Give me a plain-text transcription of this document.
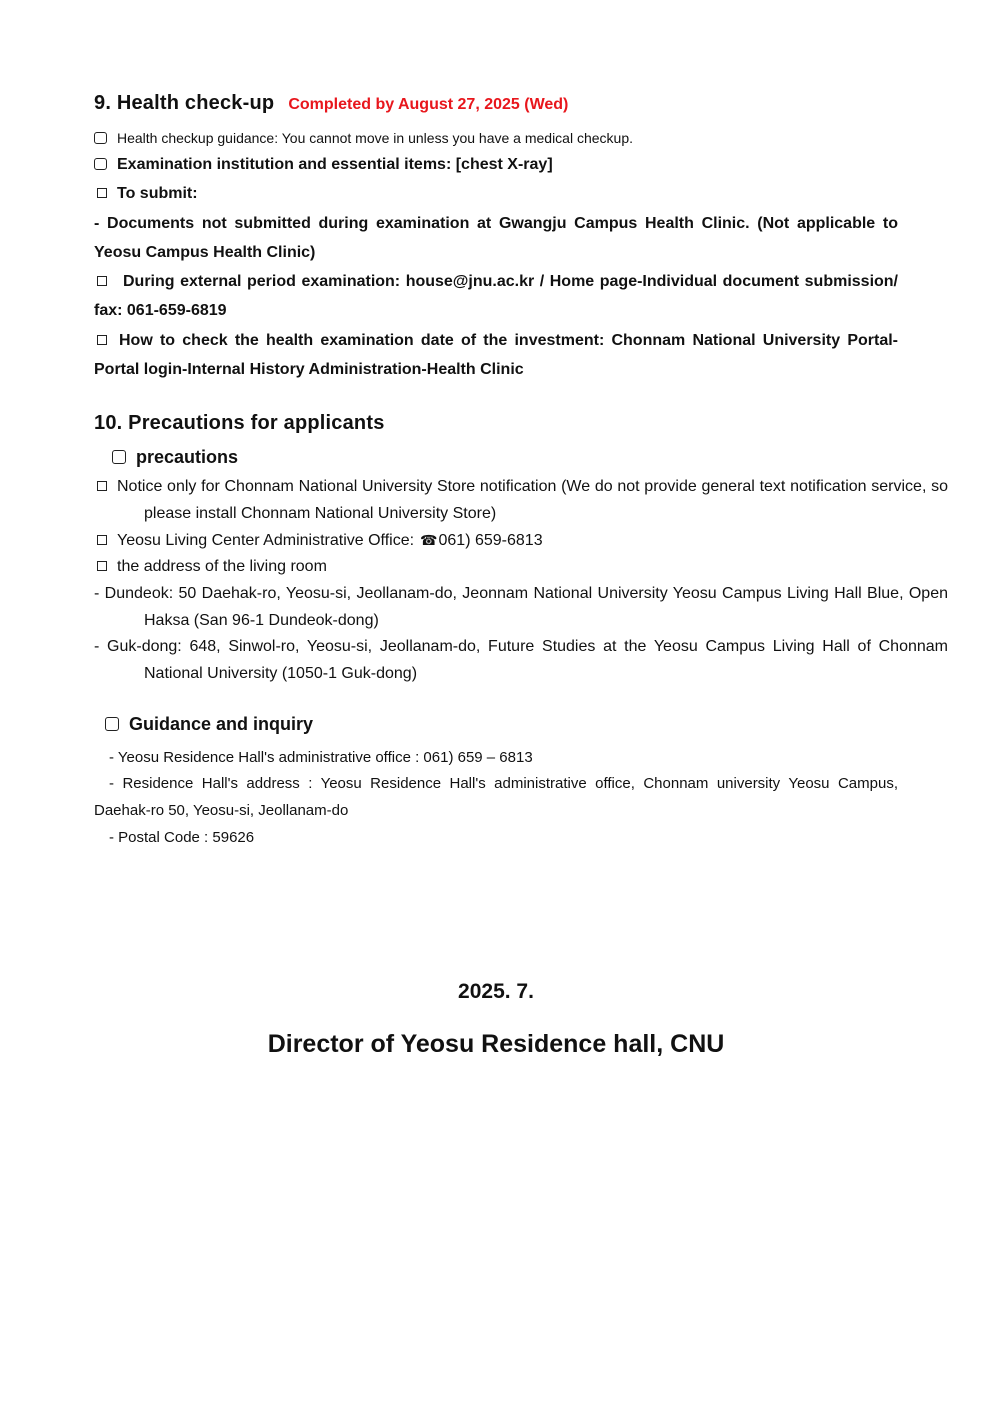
9. Health check-up Completed by August 27, 2025 (Wed)
Health checkup guidance: You cannot move in unless you have a medical checkup.
Examination institution and essential items: [chest X-ray]
To submit:
- Documents not submitted during examination at Gwangju Campus Health Clinic. (Not applicable to Yeosu Campus Health Clinic)
During external period examination: house@jnu.ac.kr / Home page-Individual document submission/ fax: 061-659-6819
How to check the health examination date of the investment: Chonnam National University Portal-Portal login-Internal History Administration-Health Clinic
10. Precautions for applicants
precautions
Notice only for Chonnam National University Store notification (We do not provide general text notification service, so please install Chonnam National University Store)
Yeosu Living Center Administrative Office: ☎061) 659-6813
the address of the living room
- Dundeok: 50 Daehak-ro, Yeosu-si, Jeollanam-do, Jeonnam National University Yeosu Campus Living Hall Blue, Open Haksa (San 96-1 Dundeok-dong)
- Guk-dong: 648, Sinwol-ro, Yeosu-si, Jeollanam-do, Future Studies at the Yeosu Campus Living Hall of Chonnam National University (1050-1 Guk-dong)
Guidance and inquiry
- Yeosu Residence Hall's administrative office : 061) 659 – 6813
- Residence Hall's address : Yeosu Residence Hall's administrative office, Chonnam university Yeosu Campus, Daehak-ro 50, Yeosu-si, Jeollanam-do
- Postal Code : 59626
2025. 7.
Director of Yeosu Residence hall, CNU
